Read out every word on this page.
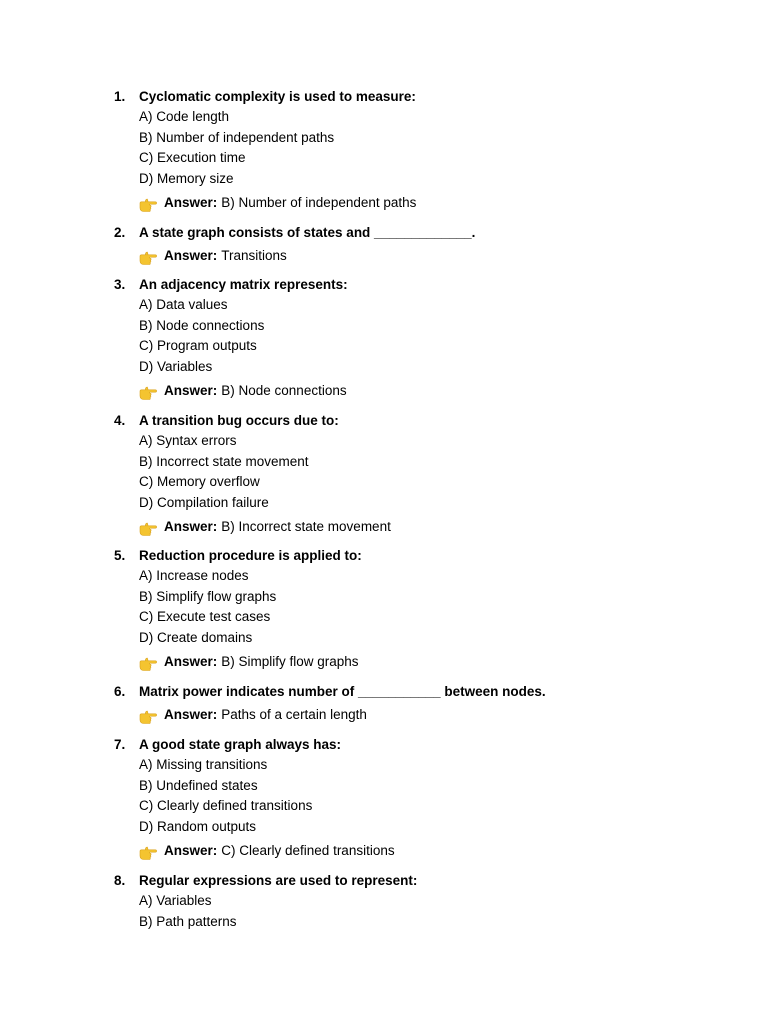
1.	Cyclomatic complexity is used to measure:
A) Code length
B) Number of independent paths
C) Execution time
D) Memory size
Answer: B) Number of independent paths
2.	A state graph consists of states and _____________.
Answer: Transitions
3.	An adjacency matrix represents:
A) Data values
B) Node connections
C) Program outputs
D) Variables
Answer: B) Node connections
4.	A transition bug occurs due to:
A) Syntax errors
B) Incorrect state movement
C) Memory overflow
D) Compilation failure
Answer: B) Incorrect state movement
5.	Reduction procedure is applied to:
A) Increase nodes
B) Simplify flow graphs
C) Execute test cases
D) Create domains
Answer: B) Simplify flow graphs
6.	Matrix power indicates number of ___________ between nodes.
Answer: Paths of a certain length
7.	A good state graph always has:
A) Missing transitions
B) Undefined states
C) Clearly defined transitions
D) Random outputs
Answer: C) Clearly defined transitions
8.	Regular expressions are used to represent:
A) Variables
B) Path patterns
